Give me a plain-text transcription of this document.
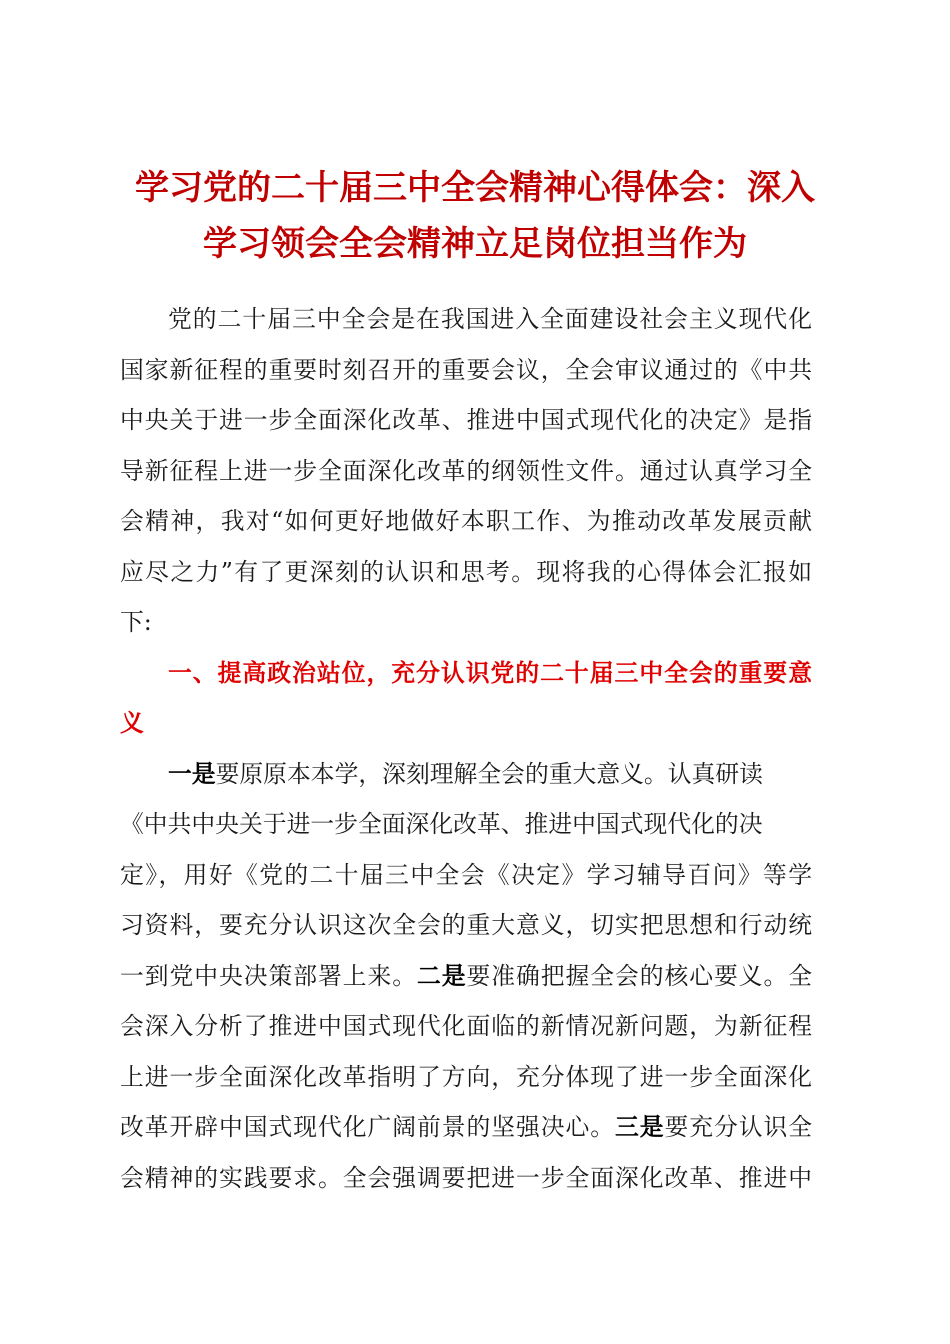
学习党的二十届三中全会精神心得体会：深入
学习领会全会精神立足岗位担当作为
党的二十届三中全会是在我国进入全面建设社会主义现代化
国家新征程的重要时刻召开的重要会议，全会审议通过的《中共
中央关于进一步全面深化改革、推进中国式现代化的决定》是指
导新征程上进一步全面深化改革的纲领性文件。通过认真学习全
会精神，我对“如何更好地做好本职工作、为推动改革发展贡献
应尽之力”有了更深刻的认识和思考。现将我的心得体会汇报如
下:
一、提高政治站位，充分认识党的二十届三中全会的重要意
义
一是要原原本本学，深刻理解全会的重大意义。认真研读
《中共中央关于进一步全面深化改革、推进中国式现代化的决
定》，用好《党的二十届三中全会《决定》学习辅导百问》等学
习资料，要充分认识这次全会的重大意义，切实把思想和行动统
一到党中央决策部署上来。二是要准确把握全会的核心要义。全
会深入分析了推进中国式现代化面临的新情况新问题，为新征程
上进一步全面深化改革指明了方向，充分体现了进一步全面深化
改革开辟中国式现代化广阔前景的坚强决心。三是要充分认识全
会精神的实践要求。全会强调要把进一步全面深化改革、推进中
